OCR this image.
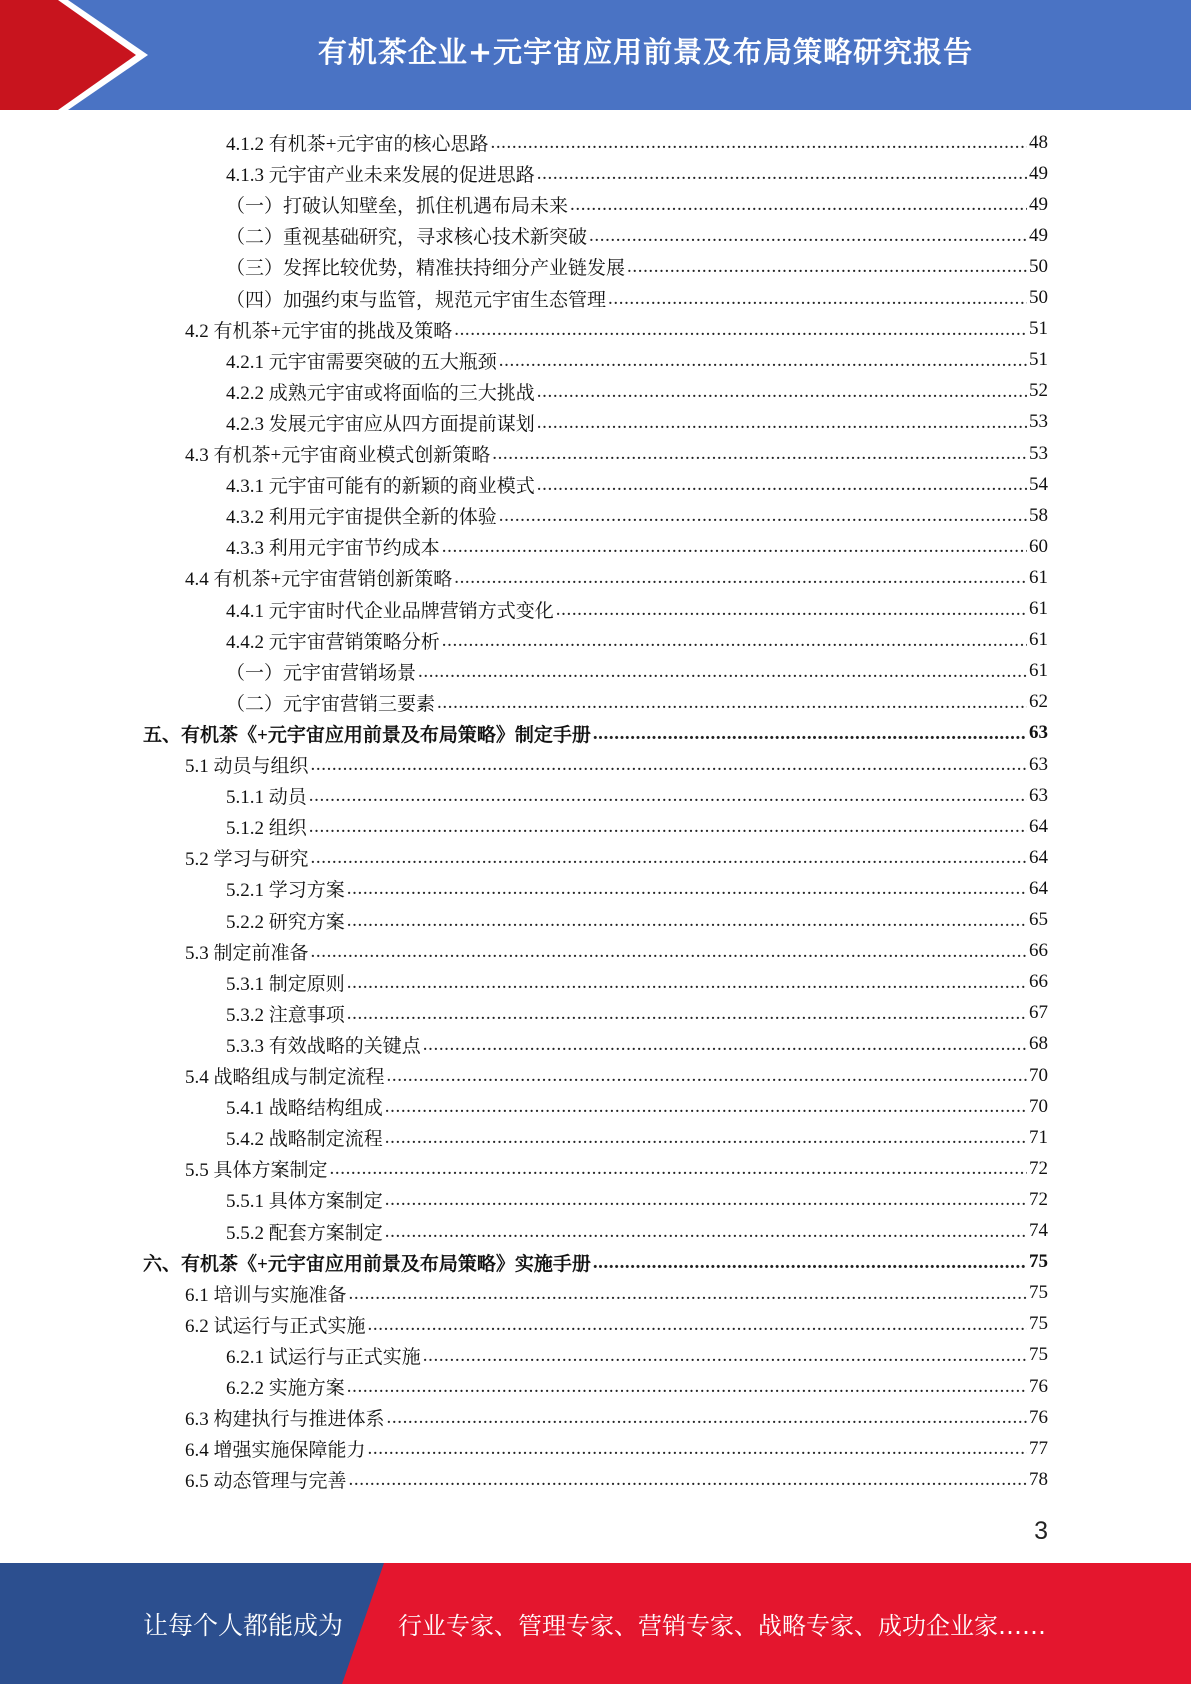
有机茶企业+元宇宙应用前景及布局策略研究报告
4.1.2 有机茶+元宇宙的核心思路 .....	48
4.1.3 元宇宙产业未来发展的促进思路 .....	49
（一）打破认知壁垒，抓住机遇布局未来 .....	49
（二）重视基础研究，寻求核心技术新突破 .....	49
（三）发挥比较优势，精准扶持细分产业链发展 .....	50
（四）加强约束与监管，规范元宇宙生态管理 .....	50
4.2 有机茶+元宇宙的挑战及策略 .....	51
4.2.1 元宇宙需要突破的五大瓶颈 .....	51
4.2.2 成熟元宇宙或将面临的三大挑战 .....	52
4.2.3 发展元宇宙应从四方面提前谋划 .....	53
4.3 有机茶+元宇宙商业模式创新策略 .....	53
4.3.1 元宇宙可能有的新颖的商业模式 .....	54
4.3.2 利用元宇宙提供全新的体验 .....	58
4.3.3 利用元宇宙节约成本 .....	60
4.4 有机茶+元宇宙营销创新策略 .....	61
4.4.1 元宇宙时代企业品牌营销方式变化 .....	61
4.4.2 元宇宙营销策略分析 .....	61
（一）元宇宙营销场景 .....	61
（二）元宇宙营销三要素 .....	62
五、有机茶《+元宇宙应用前景及布局策略》制定手册 .....	63
5.1 动员与组织 .....	63
5.1.1 动员 .....	63
5.1.2 组织 .....	64
5.2 学习与研究 .....	64
5.2.1 学习方案 .....	64
5.2.2 研究方案 .....	65
5.3 制定前准备 .....	66
5.3.1 制定原则 .....	66
5.3.2 注意事项 .....	67
5.3.3 有效战略的关键点 .....	68
5.4 战略组成与制定流程 .....	70
5.4.1 战略结构组成 .....	70
5.4.2 战略制定流程 .....	71
5.5 具体方案制定 .....	72
5.5.1 具体方案制定 .....	72
5.5.2 配套方案制定 .....	74
六、有机茶《+元宇宙应用前景及布局策略》实施手册 .....	75
6.1 培训与实施准备 .....	75
6.2 试运行与正式实施 .....	75
6.2.1 试运行与正式实施 .....	75
6.2.2 实施方案 .....	76
6.3 构建执行与推进体系 .....	76
6.4 增强实施保障能力 .....	77
6.5 动态管理与完善 .....	78
3
让每个人都能成为 行业专家、管理专家、营销专家、战略专家、成功企业家……
